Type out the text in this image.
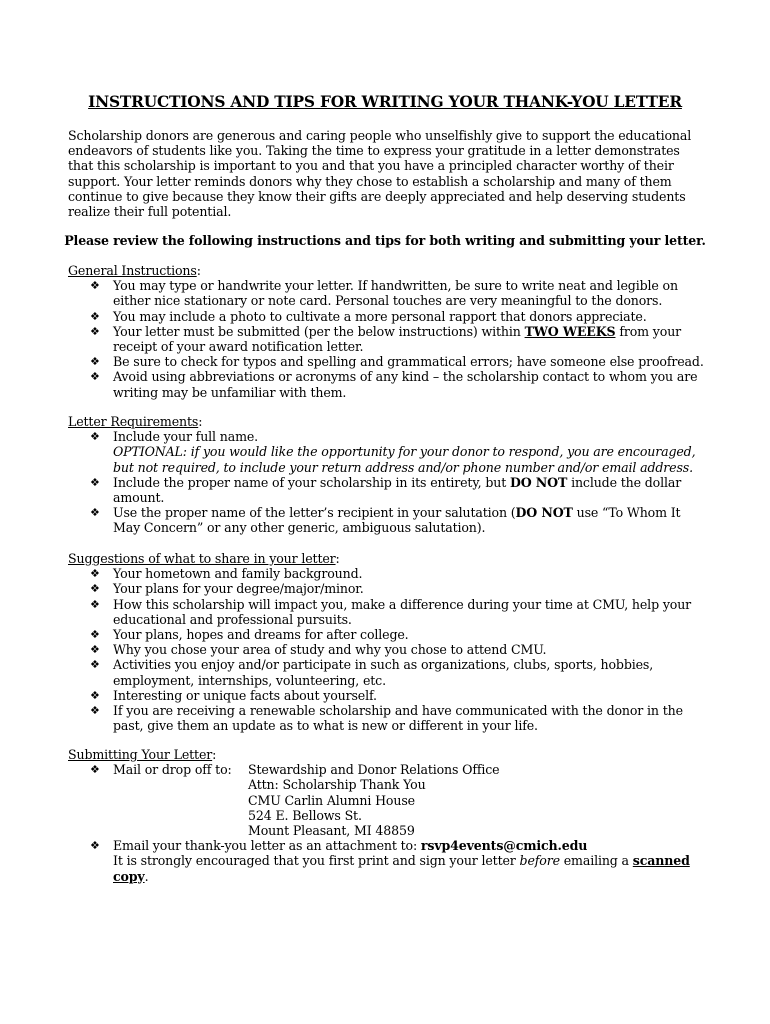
INSTRUCTIONS AND TIPS FOR WRITING YOUR THANK-YOU LETTER

Scholarship donors are generous and caring people who unselfishly give to support the educational endeavors of students like you. Taking the time to express your gratitude in a letter demonstrates that this scholarship is important to you and that you have a principled character worthy of their support. Your letter reminds donors why they chose to establish a scholarship and many of them continue to give because they know their gifts are deeply appreciated and help deserving students realize their full potential.

Please review the following instructions and tips for both writing and submitting your letter.

General Instructions:

❖ You may type or handwrite your letter. If handwritten, be sure to write neat and legible on either nice stationary or note card. Personal touches are very meaningful to the donors.
❖ You may include a photo to cultivate a more personal rapport that donors appreciate.
❖ Your letter must be submitted (per the below instructions) within TWO WEEKS from your receipt of your award notification letter.
❖ Be sure to check for typos and spelling and grammatical errors; have someone else proofread.
❖ Avoid using abbreviations or acronyms of any kind – the scholarship contact to whom you are writing may be unfamiliar with them.

Letter Requirements:

❖ Include your full name.
OPTIONAL: if you would like the opportunity for your donor to respond, you are encouraged, but not required, to include your return address and/or phone number and/or email address.
❖ Include the proper name of your scholarship in its entirety, but DO NOT include the dollar amount.
❖ Use the proper name of the letter’s recipient in your salutation (DO NOT use “To Whom It May Concern” or any other generic, ambiguous salutation).

Suggestions of what to share in your letter:

❖ Your hometown and family background.
❖ Your plans for your degree/major/minor.
❖ How this scholarship will impact you, make a difference during your time at CMU, help your educational and professional pursuits.
❖ Your plans, hopes and dreams for after college.
❖ Why you chose your area of study and why you chose to attend CMU.
❖ Activities you enjoy and/or participate in such as organizations, clubs, sports, hobbies, employment, internships, volunteering, etc.
❖ Interesting or unique facts about yourself.
❖ If you are receiving a renewable scholarship and have communicated with the donor in the past, give them an update as to what is new or different in your life.

Submitting Your Letter:

❖ Mail or drop off to:	Stewardship and Donor Relations Office
Attn: Scholarship Thank You
CMU Carlin Alumni House
524 E. Bellows St.
Mount Pleasant, MI 48859
❖ Email your thank-you letter as an attachment to: rsvp4events@cmich.edu
It is strongly encouraged that you first print and sign your letter before emailing a scanned copy.
